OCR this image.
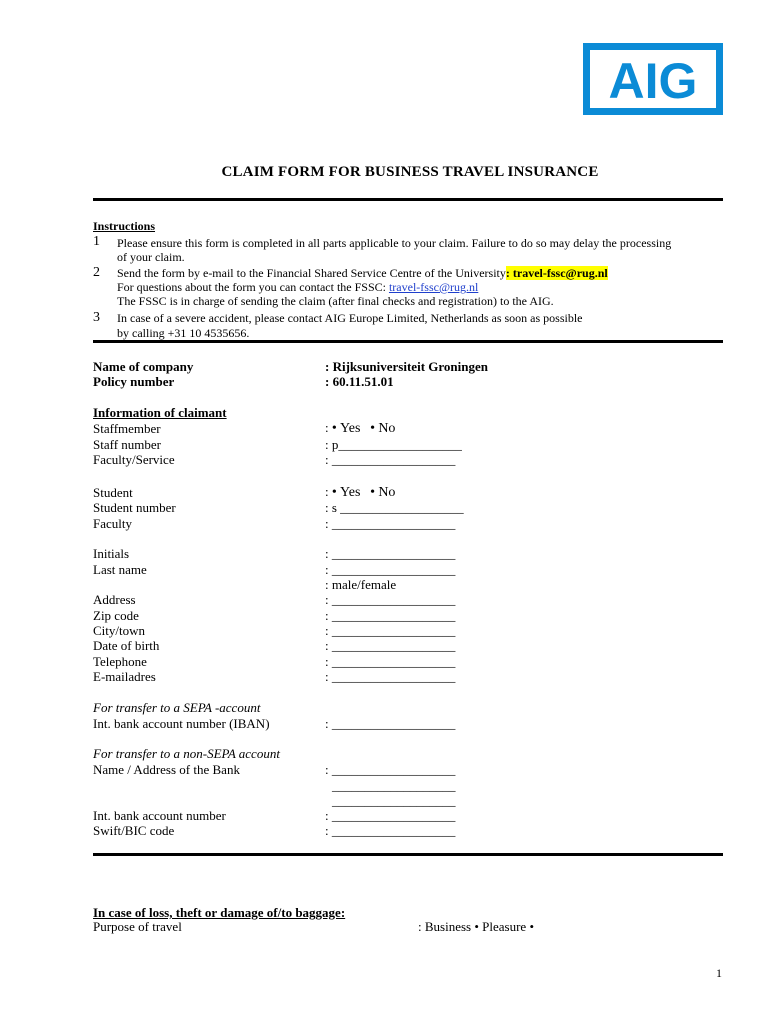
AIG
CLAIM FORM FOR BUSINESS TRAVEL INSURANCE
Instructions
1 Please ensure this form is completed in all parts applicable to your claim. Failure to do so may delay the processing
of your claim.
2 Send the form by e-mail to the Financial Shared Service Centre of the University: travel-fssc@rug.nl
For questions about the form you can contact the FSSC: travel-fssc@rug.nl
The FSSC is in charge of sending the claim (after final checks and registration) to the AIG.
3 In case of a severe accident, please contact AIG Europe Limited, Netherlands as soon as possible
by calling +31 10 4535656.
Name of company	: Rijksuniversiteit Groningen
Policy number	: 60.11.51.01
Information of claimant
Staffmember	: • Yes • No
Staff number	: p___________________
Faculty/Service	: ___________________
Student	: • Yes • No
Student number	: s ___________________
Faculty	: ___________________
Initials	: ___________________
Last name	: ___________________
: male/female
Address	: ___________________
Zip code	: ___________________
City/town	: ___________________
Date of birth	: ___________________
Telephone	: ___________________
E-mailadres	: ___________________
For transfer to a SEPA -account
Int. bank account number (IBAN)	: ___________________
For transfer to a non-SEPA account
Name / Address of the Bank	: ___________________
___________________
___________________
Int. bank account number	: ___________________
Swift/BIC code	: ___________________
In case of loss, theft or damage of/to baggage:
Purpose of travel	: Business • Pleasure •
1
